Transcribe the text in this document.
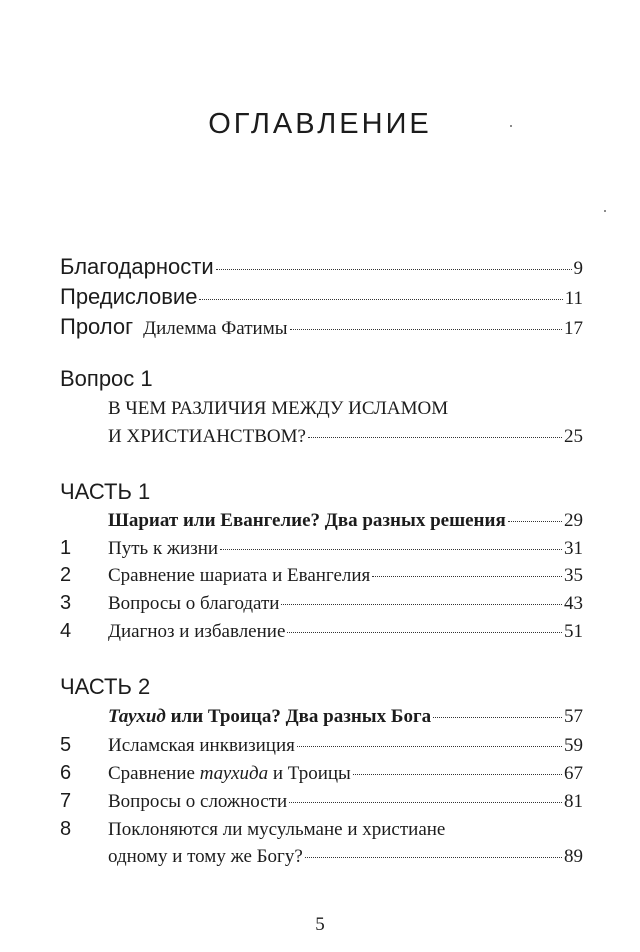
ОГЛАВЛЕНИЕ
Благодарности	9
Предисловие	11
Пролог Дилемма Фатимы	17
Вопрос 1
В ЧЕМ РАЗЛИЧИЯ МЕЖДУ ИСЛАМОМ
И ХРИСТИАНСТВОМ?	25
ЧАСТЬ 1
Шариат или Евангелие? Два разных решения	29
1	Путь к жизни	31
2	Сравнение шариата и Евангелия	35
3	Вопросы о благодати	43
4	Диагноз и избавление	51
ЧАСТЬ 2
Таухид или Троица? Два разных Бога	57
5	Исламская инквизиция	59
6	Сравнение таухида и Троицы	67
7	Вопросы о сложности	81
8	Поклоняются ли мусульмане и христиане
одному и тому же Богу?	89
5
